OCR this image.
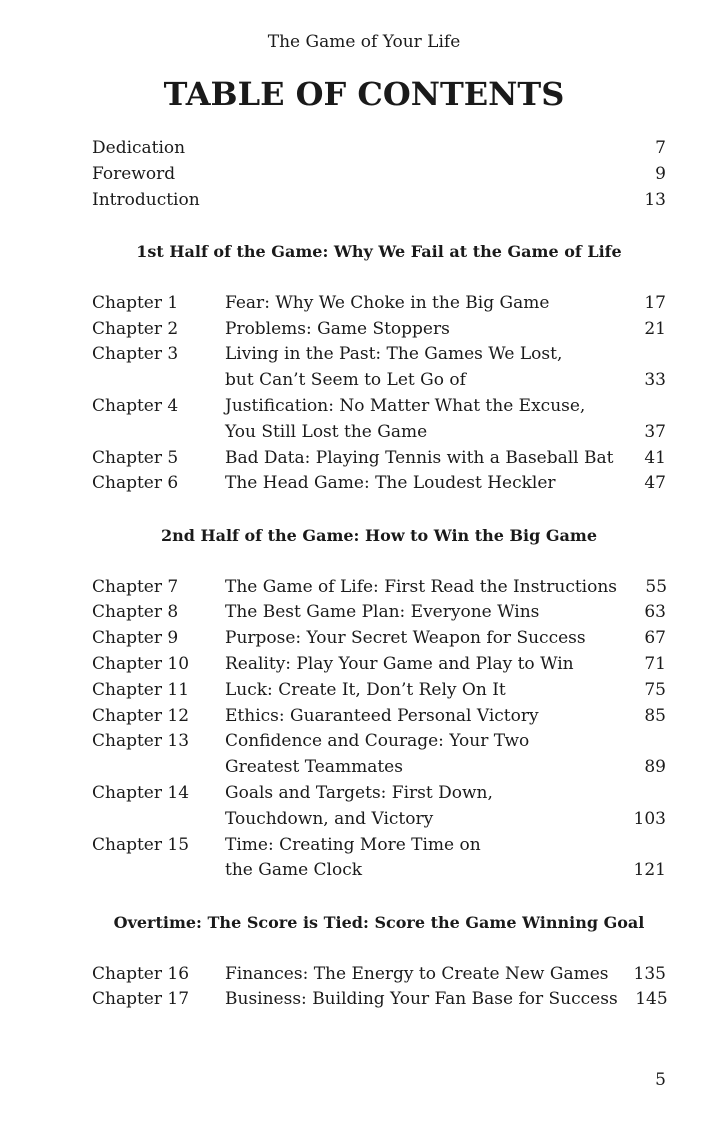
The Game of Your Life
TABLE OF CONTENTS
Dedication	7
Foreword	9
Introduction	13
1st Half of the Game: Why We Fail at the Game of Life
Chapter 1	Fear: Why We Choke in the Big Game	17
Chapter 2	Problems: Game Stoppers	21
Chapter 3	Living in the Past: The Games We Lost,
but Can’t Seem to Let Go of	33
Chapter 4	Justification: No Matter What the Excuse,
You Still Lost the Game	37
Chapter 5	Bad Data: Playing Tennis with a Baseball Bat	41
Chapter 6	The Head Game: The Loudest Heckler	47
2nd Half of the Game: How to Win the Big Game
Chapter 7	The Game of Life: First Read the Instructions	55
Chapter 8	The Best Game Plan: Everyone Wins	63
Chapter 9	Purpose: Your Secret Weapon for Success	67
Chapter 10	Reality: Play Your Game and Play to Win	71
Chapter 11	Luck: Create It, Don’t Rely On It	75
Chapter 12	Ethics: Guaranteed Personal Victory	85
Chapter 13	Confidence and Courage: Your Two
Greatest Teammates	89
Chapter 14	Goals and Targets: First Down,
Touchdown, and Victory	103
Chapter 15	Time: Creating More Time on
the Game Clock	121
Overtime: The Score is Tied: Score the Game Winning Goal
Chapter 16	Finances: The Energy to Create New Games	135
Chapter 17	Business: Building Your Fan Base for Success	145
5
